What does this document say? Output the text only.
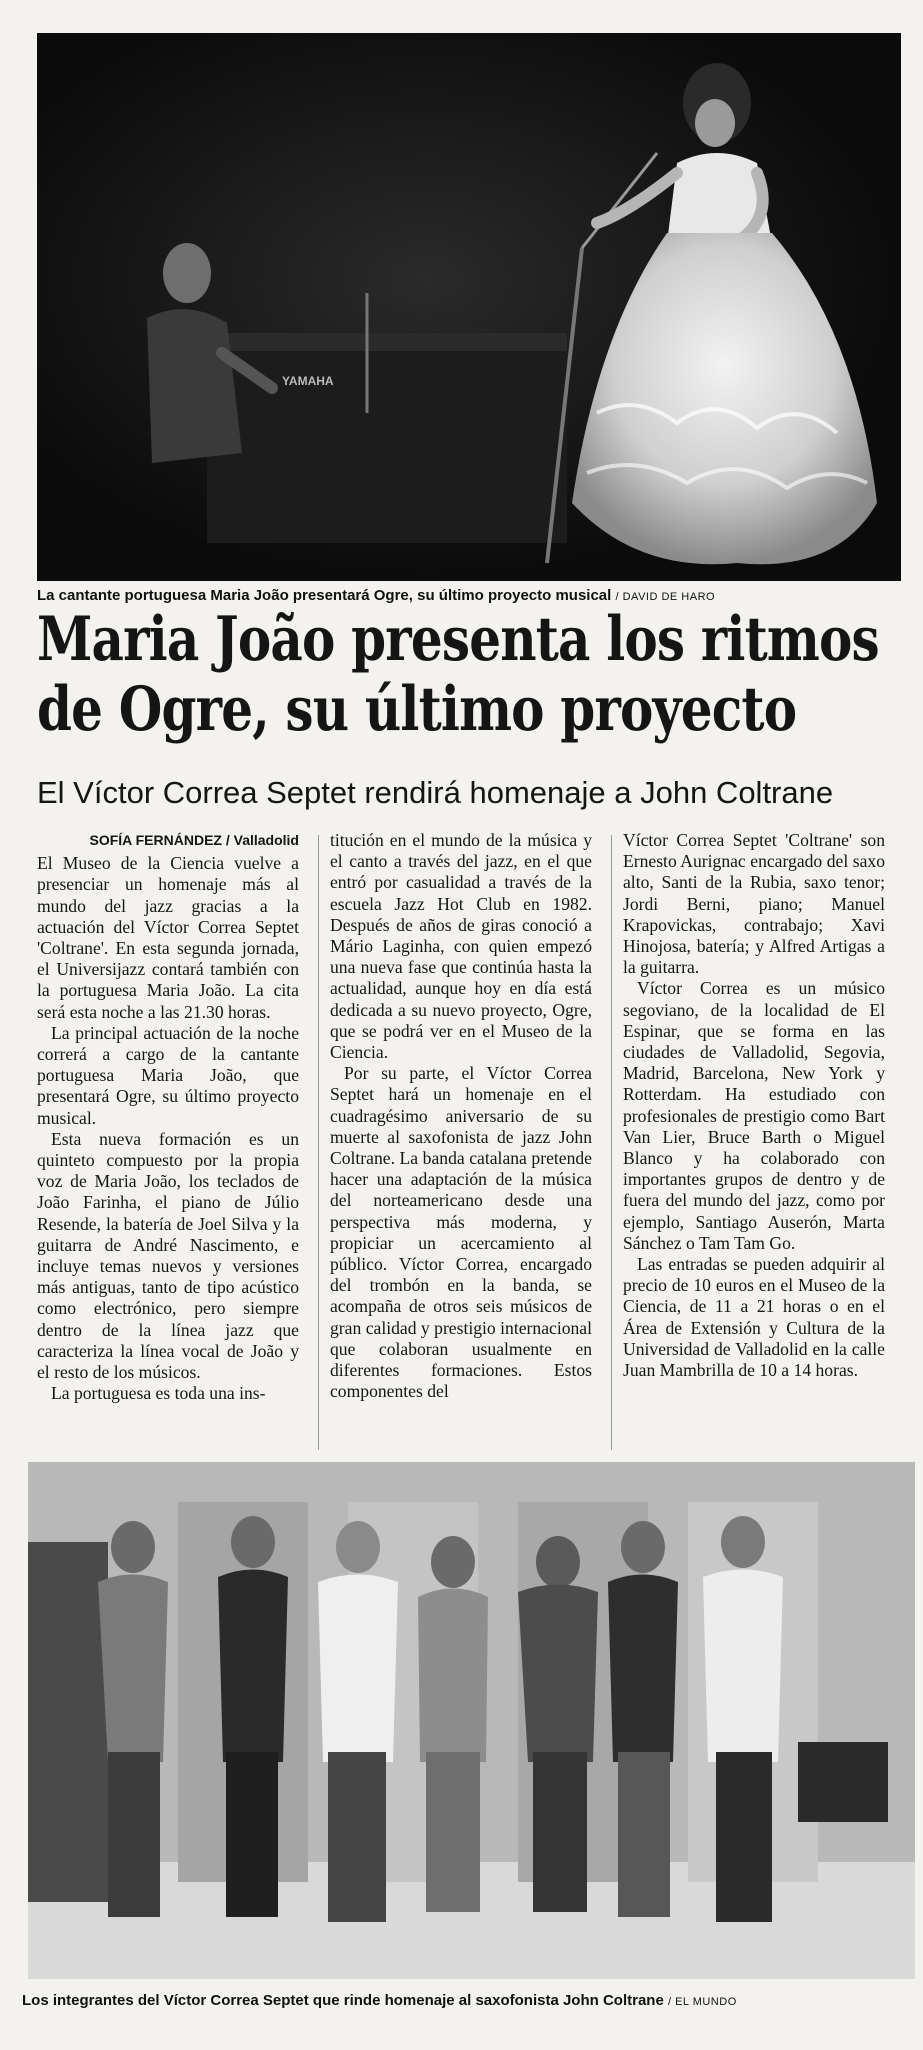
YAMAHA
La cantante portuguesa Maria João presentará Ogre, su último proyecto musical / DAVID DE HARO
Maria João presenta los ritmos de Ogre, su último proyecto
El Víctor Correa Septet rendirá homenaje a John Coltrane
SOFÍA FERNÁNDEZ / Valladolid

El Museo de la Ciencia vuelve a presenciar un homenaje más al mundo del jazz gracias a la actuación del Víctor Correa Septet 'Coltrane'. En esta segunda jornada, el Universijazz contará también con la portuguesa Maria João. La cita será esta noche a las 21.30 horas.

La principal actuación de la noche correrá a cargo de la cantante portuguesa Maria João, que presentará Ogre, su último proyecto musical.

Esta nueva formación es un quinteto compuesto por la propia voz de Maria João, los teclados de João Farinha, el piano de Júlio Resende, la batería de Joel Silva y la guitarra de André Nascimento, e incluye temas nuevos y versiones más antiguas, tanto de tipo acústico como electrónico, pero siempre dentro de la línea jazz que caracteriza la línea vocal de João y el resto de los músicos.

La portuguesa es toda una ins-

titución en el mundo de la música y el canto a través del jazz, en el que entró por casualidad a través de la escuela Jazz Hot Club en 1982. Después de años de giras conoció a Mário Laginha, con quien empezó una nueva fase que continúa hasta la actualidad, aunque hoy en día está dedicada a su nuevo proyecto, Ogre, que se podrá ver en el Museo de la Ciencia.

Por su parte, el Víctor Correa Septet hará un homenaje en el cuadragésimo aniversario de su muerte al saxofonista de jazz John Coltrane. La banda catalana pretende hacer una adaptación de la música del norteamericano desde una perspectiva más moderna, y propiciar un acercamiento al público. Víctor Correa, encargado del trombón en la banda, se acompaña de otros seis músicos de gran calidad y prestigio internacional que colaboran usualmente en diferentes formaciones. Estos componentes del

Víctor Correa Septet 'Coltrane' son Ernesto Aurignac encargado del saxo alto, Santi de la Rubia, saxo tenor; Jordi Berni, piano; Manuel Krapovickas, contrabajo; Xavi Hinojosa, batería; y Alfred Artigas a la guitarra.

Víctor Correa es un músico segoviano, de la localidad de El Espinar, que se forma en las ciudades de Valladolid, Segovia, Madrid, Barcelona, New York y Rotterdam. Ha estudiado con profesionales de prestigio como Bart Van Lier, Bruce Barth o Miguel Blanco y ha colaborado con importantes grupos de dentro y de fuera del mundo del jazz, como por ejemplo, Santiago Auserón, Marta Sánchez o Tam Tam Go.

Las entradas se pueden adquirir al precio de 10 euros en el Museo de la Ciencia, de 11 a 21 horas o en el Área de Extensión y Cultura de la Universidad de Valladolid en la calle Juan Mambrilla de 10 a 14 horas.

Los integrantes del Víctor Correa Septet que rinde homenaje al saxofonista John Coltrane / EL MUNDO
